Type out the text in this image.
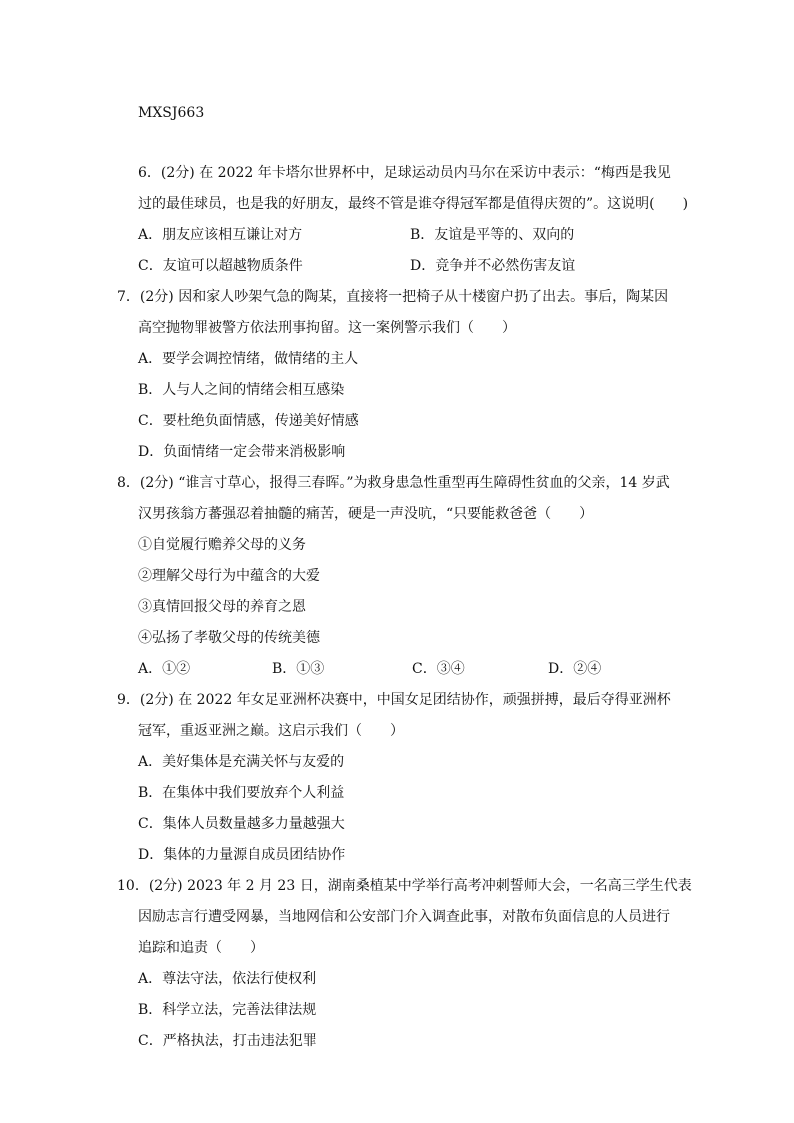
MXSJ663
6．(2分) 在 2022 年卡塔尔世界杯中，足球运动员内马尔在采访中表示：“梅西是我见
过的最佳球员，也是我的好朋友，最终不管是谁夺得冠军都是值得庆贺的”。这说明(　　)
A．朋友应该相互谦让对方	B．友谊是平等的、双向的
C．友谊可以超越物质条件	D．竞争并不必然伤害友谊
7．(2分) 因和家人吵架气急的陶某，直接将一把椅子从十楼窗户扔了出去。事后，陶某因
高空抛物罪被警方依法刑事拘留。这一案例警示我们（　　）
A．要学会调控情绪，做情绪的主人
B．人与人之间的情绪会相互感染
C．要杜绝负面情感，传递美好情感
D．负面情绪一定会带来消极影响
8．(2分) “谁言寸草心，报得三春晖。”为救身患急性重型再生障碍性贫血的父亲，14 岁武
汉男孩翁方蕃强忍着抽髓的痛苦，硬是一声没吭，“只要能救爸爸（　　）
①自觉履行赡养父母的义务
②理解父母行为中蕴含的大爱
③真情回报父母的养育之恩
④弘扬了孝敬父母的传统美德
A．①②	B．①③	C．③④	D．②④
9．(2分) 在 2022 年女足亚洲杯决赛中，中国女足团结协作，顽强拼搏，最后夺得亚洲杯
冠军，重返亚洲之巅。这启示我们（　　）
A．美好集体是充满关怀与友爱的
B．在集体中我们要放弃个人利益
C．集体人员数量越多力量越强大
D．集体的力量源自成员团结协作
10．(2分) 2023 年 2 月 23 日，湖南桑植某中学举行高考冲刺誓师大会，一名高三学生代表
因励志言行遭受网暴，当地网信和公安部门介入调查此事，对散布负面信息的人员进行
追踪和追责（　　）
A．尊法守法，依法行使权利
B．科学立法，完善法律法规
C．严格执法，打击违法犯罪
